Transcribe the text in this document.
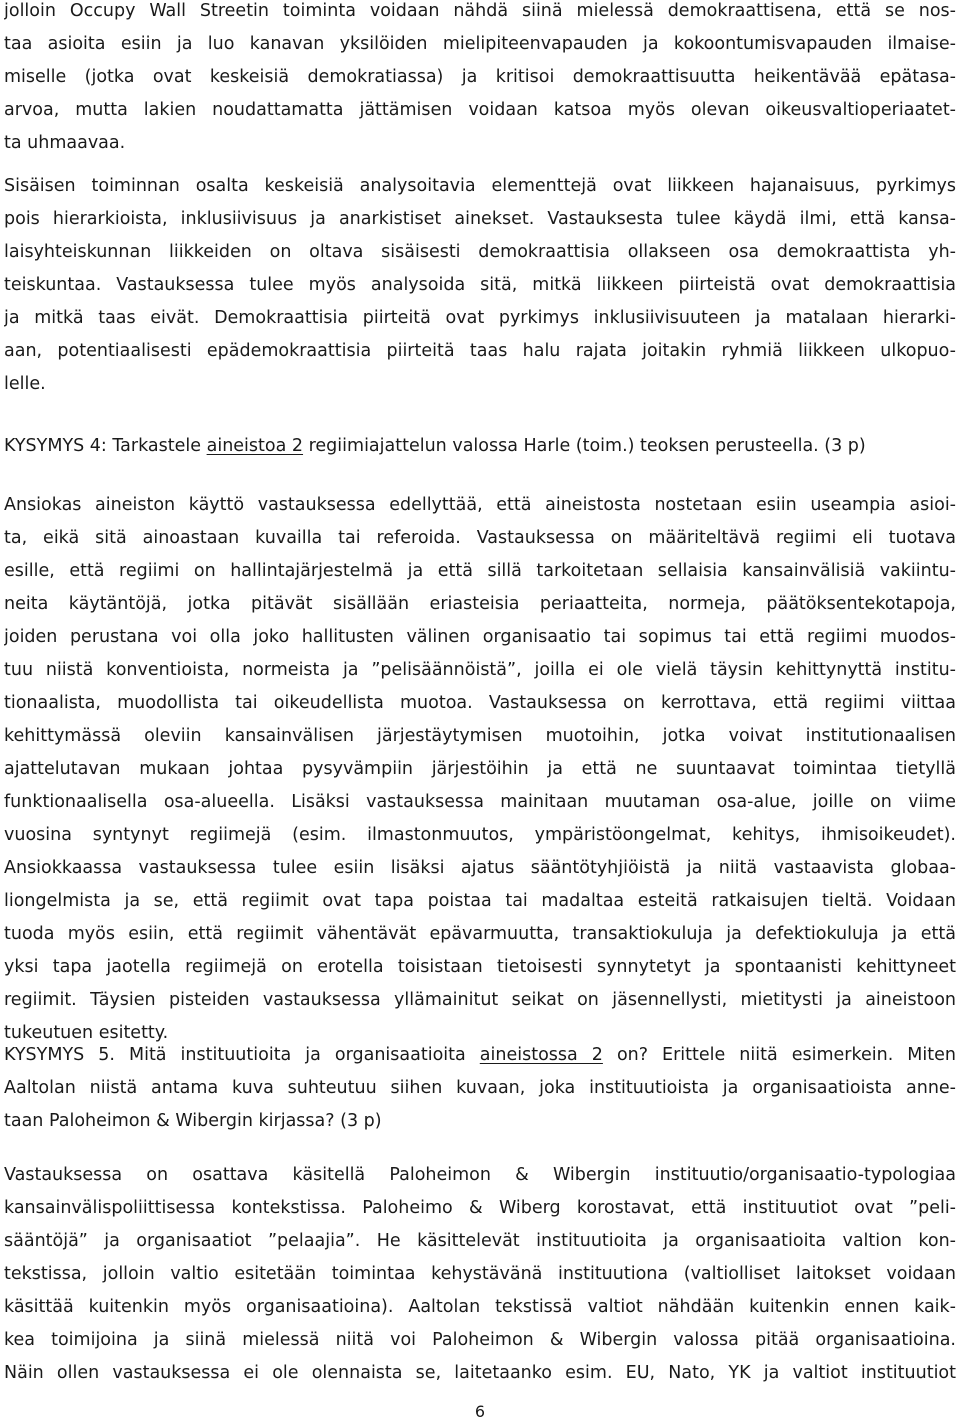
jolloin Occupy Wall Streetin toiminta voidaan nähdä siinä mielessä demokraattisena, että se nos-
taa asioita esiin ja luo kanavan yksilöiden mielipiteenvapauden ja kokoontumisvapauden ilmaise-
miselle (jotka ovat keskeisiä demokratiassa) ja kritisoi demokraattisuutta heikentävää epätasa-
arvoa, mutta lakien noudattamatta jättämisen voidaan katsoa myös olevan oikeusvaltioperiaatet-
ta uhmaavaa.
Sisäisen toiminnan osalta keskeisiä analysoitavia elementtejä ovat liikkeen hajanaisuus, pyrkimys
pois hierarkioista, inklusiivisuus ja anarkistiset ainekset. Vastauksesta tulee käydä ilmi, että kansa-
laisyhteiskunnan liikkeiden on oltava sisäisesti demokraattisia ollakseen osa demokraattista yh-
teiskuntaa. Vastauksessa tulee myös analysoida sitä, mitkä liikkeen piirteistä ovat demokraattisia
ja mitkä taas eivät. Demokraattisia piirteitä ovat pyrkimys inklusiivisuuteen ja matalaan hierarki-
aan, potentiaalisesti epädemokraattisia piirteitä taas halu rajata joitakin ryhmiä liikkeen ulkopuo-
lelle.
KYSYMYS 4: Tarkastele aineistoa 2 regiimiajattelun valossa Harle (toim.) teoksen perusteella. (3 p)
Ansiokas aineiston käyttö vastauksessa edellyttää, että aineistosta nostetaan esiin useampia asioi-
ta, eikä sitä ainoastaan kuvailla tai referoida. Vastauksessa on määriteltävä regiimi eli tuotava
esille, että regiimi on hallintajärjestelmä ja että sillä tarkoitetaan sellaisia kansainvälisiä vakiintu-
neita käytäntöjä, jotka pitävät sisällään eriasteisia periaatteita, normeja, päätöksentekotapoja,
joiden perustana voi olla joko hallitusten välinen organisaatio tai sopimus tai että regiimi muodos-
tuu niistä konventioista, normeista ja ”pelisäännöistä”, joilla ei ole vielä täysin kehittynyttä institu-
tionaalista, muodollista tai oikeudellista muotoa. Vastauksessa on kerrottava, että regiimi viittaa
kehittymässä oleviin kansainvälisen järjestäytymisen muotoihin, jotka voivat institutionaalisen
ajattelutavan mukaan johtaa pysyvämpiin järjestöihin ja että ne suuntaavat toimintaa tietyllä
funktionaalisella osa-alueella. Lisäksi vastauksessa mainitaan muutaman osa-alue, joille on viime
vuosina syntynyt regiimejä (esim. ilmastonmuutos, ympäristöongelmat, kehitys, ihmisoikeudet).
Ansiokkaassa vastauksessa tulee esiin lisäksi ajatus sääntötyhjiöistä ja niitä vastaavista globaa-
liongelmista ja se, että regiimit ovat tapa poistaa tai madaltaa esteitä ratkaisujen tieltä. Voidaan
tuoda myös esiin, että regiimit vähentävät epävarmuutta, transaktiokuluja ja defektiokuluja ja että
yksi tapa jaotella regiimejä on erotella toisistaan tietoisesti synnytetyt ja spontaanisti kehittyneet
regiimit. Täysien pisteiden vastauksessa yllämainitut seikat on jäsennellysti, mietitysti ja aineistoon
tukeutuen esitetty.
KYSYMYS 5. Mitä instituutioita ja organisaatioita aineistossa 2 on? Erittele niitä esimerkein. Miten
Aaltolan niistä antama kuva suhteutuu siihen kuvaan, joka instituutioista ja organisaatioista anne-
taan Paloheimon & Wibergin kirjassa? (3 p)
Vastauksessa on osattava käsitellä Paloheimon & Wibergin instituutio/organisaatio-typologiaa
kansainvälispoliittisessa kontekstissa. Paloheimo & Wiberg korostavat, että instituutiot ovat ”peli-
sääntöjä” ja organisaatiot ”pelaajia”. He käsittelevät instituutioita ja organisaatioita valtion kon-
tekstissa, jolloin valtio esitetään toimintaa kehystävänä instituutiona (valtiolliset laitokset voidaan
käsittää kuitenkin myös organisaatioina). Aaltolan tekstissä valtiot nähdään kuitenkin ennen kaik-
kea toimijoina ja siinä mielessä niitä voi Paloheimon & Wibergin valossa pitää organisaatioina.
Näin ollen vastauksessa ei ole olennaista se, laitetaanko esim. EU, Nato, YK ja valtiot instituutiot
6
